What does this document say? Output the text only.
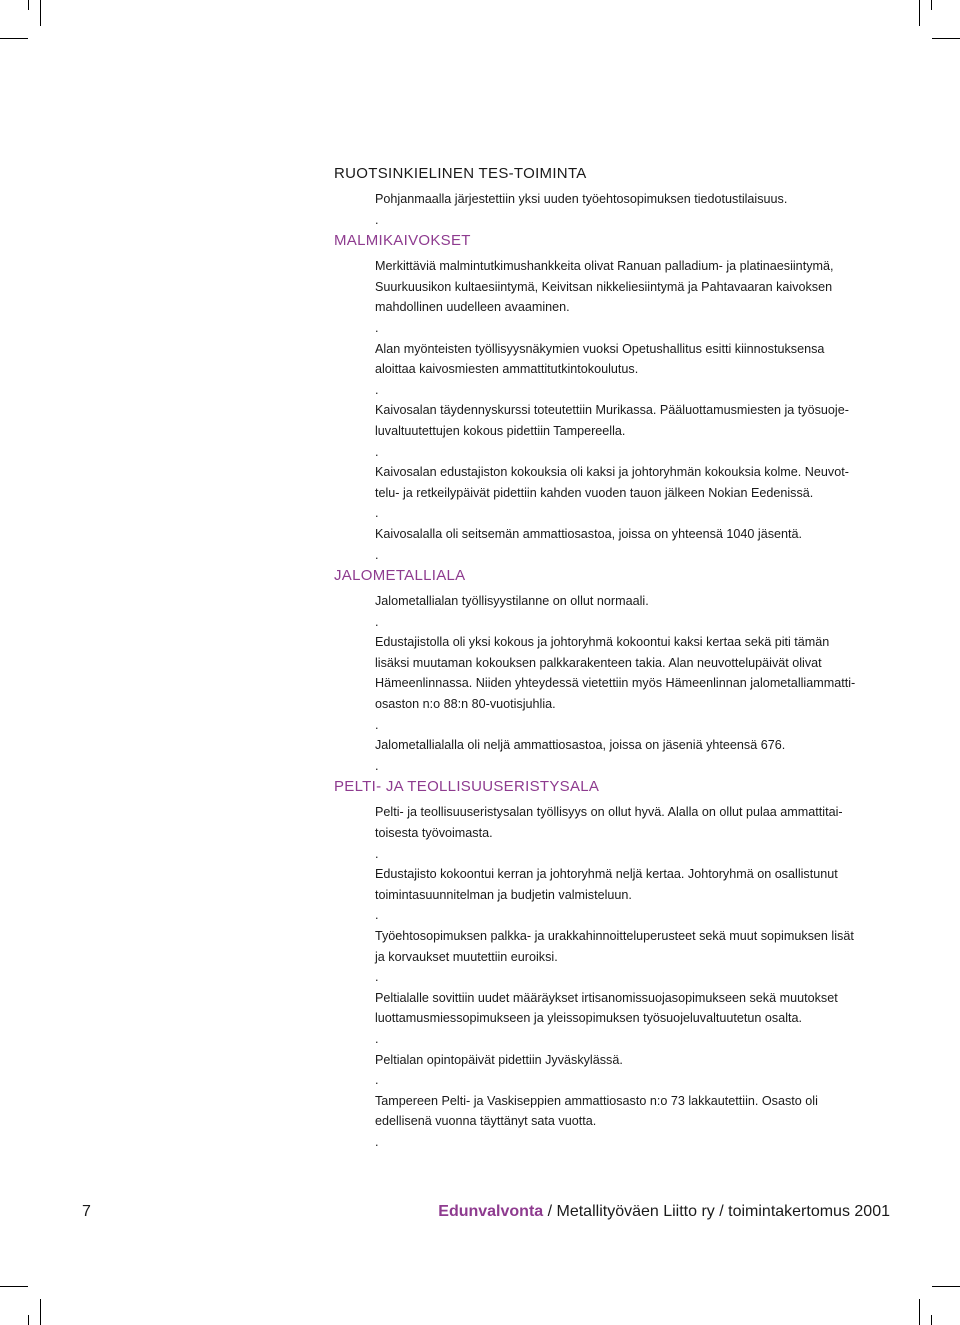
RUOTSINKIELINEN TES-TOIMINTA

Pohjanmaalla järjestettiin yksi uuden työehtosopimuksen tiedotustilaisuus.

.

MALMIKAIVOKSET

Merkittäviä malmintutkimushankkeita olivat Ranuan palladium- ja platinaesiintymä,
Suurkuusikon kultaesiintymä, Keivitsan nikkeliesiintymä ja Pahtavaaran kaivoksen
mahdollinen uudelleen avaaminen.

.

Alan myönteisten työllisyysnäkymien vuoksi Opetushallitus esitti kiinnostuksensa
aloittaa kaivosmiesten ammattitutkintokoulutus.

.

Kaivosalan täydennyskurssi toteutettiin Murikassa. Pääluottamusmiesten ja työsuoje-
luvaltuutettujen kokous pidettiin Tampereella.

.

Kaivosalan edustajiston kokouksia oli kaksi ja johtoryhmän kokouksia kolme. Neuvot-
telu- ja retkeilypäivät pidettiin kahden vuoden tauon jälkeen Nokian Eedenissä.

.

Kaivosalalla oli seitsemän ammattiosastoa, joissa on yhteensä 1040 jäsentä.

.

JALOMETALLIALA

Jalometallialan työllisyystilanne on ollut normaali.

.

Edustajistolla oli yksi kokous ja johtoryhmä kokoontui kaksi kertaa sekä piti tämän
lisäksi muutaman kokouksen palkkarakenteen takia. Alan neuvottelupäivät olivat
Hämeenlinnassa. Niiden yhteydessä vietettiin myös Hämeenlinnan jalometalliammatti-
osaston n:o 88:n 80-vuotisjuhlia.

.

Jalometallialalla oli neljä ammattiosastoa, joissa on jäseniä yhteensä 676.

.

PELTI- JA TEOLLISUUSERISTYSALA

Pelti- ja teollisuuseristysalan työllisyys on ollut hyvä. Alalla on ollut pulaa ammattitai-
toisesta työvoimasta.

.

Edustajisto kokoontui kerran ja johtoryhmä neljä kertaa. Johtoryhmä on osallistunut
toimintasuunnitelman ja budjetin valmisteluun.

.

Työehtosopimuksen palkka- ja urakkahinnoitteluperusteet sekä muut sopimuksen lisät
ja korvaukset muutettiin euroiksi.

.

Peltialalle sovittiin uudet määräykset irtisanomissuojasopimukseen sekä muutokset
luottamusmiessopimukseen ja yleissopimuksen työsuojeluvaltuutetun osalta.

.

Peltialan opintopäivät pidettiin Jyväskylässä.

.

Tampereen Pelti- ja Vaskiseppien ammattiosasto n:o 73 lakkautettiin. Osasto oli
edellisenä vuonna täyttänyt sata vuotta.

.

7	Edunvalvonta / Metallityöväen Liitto ry / toimintakertomus 2001
